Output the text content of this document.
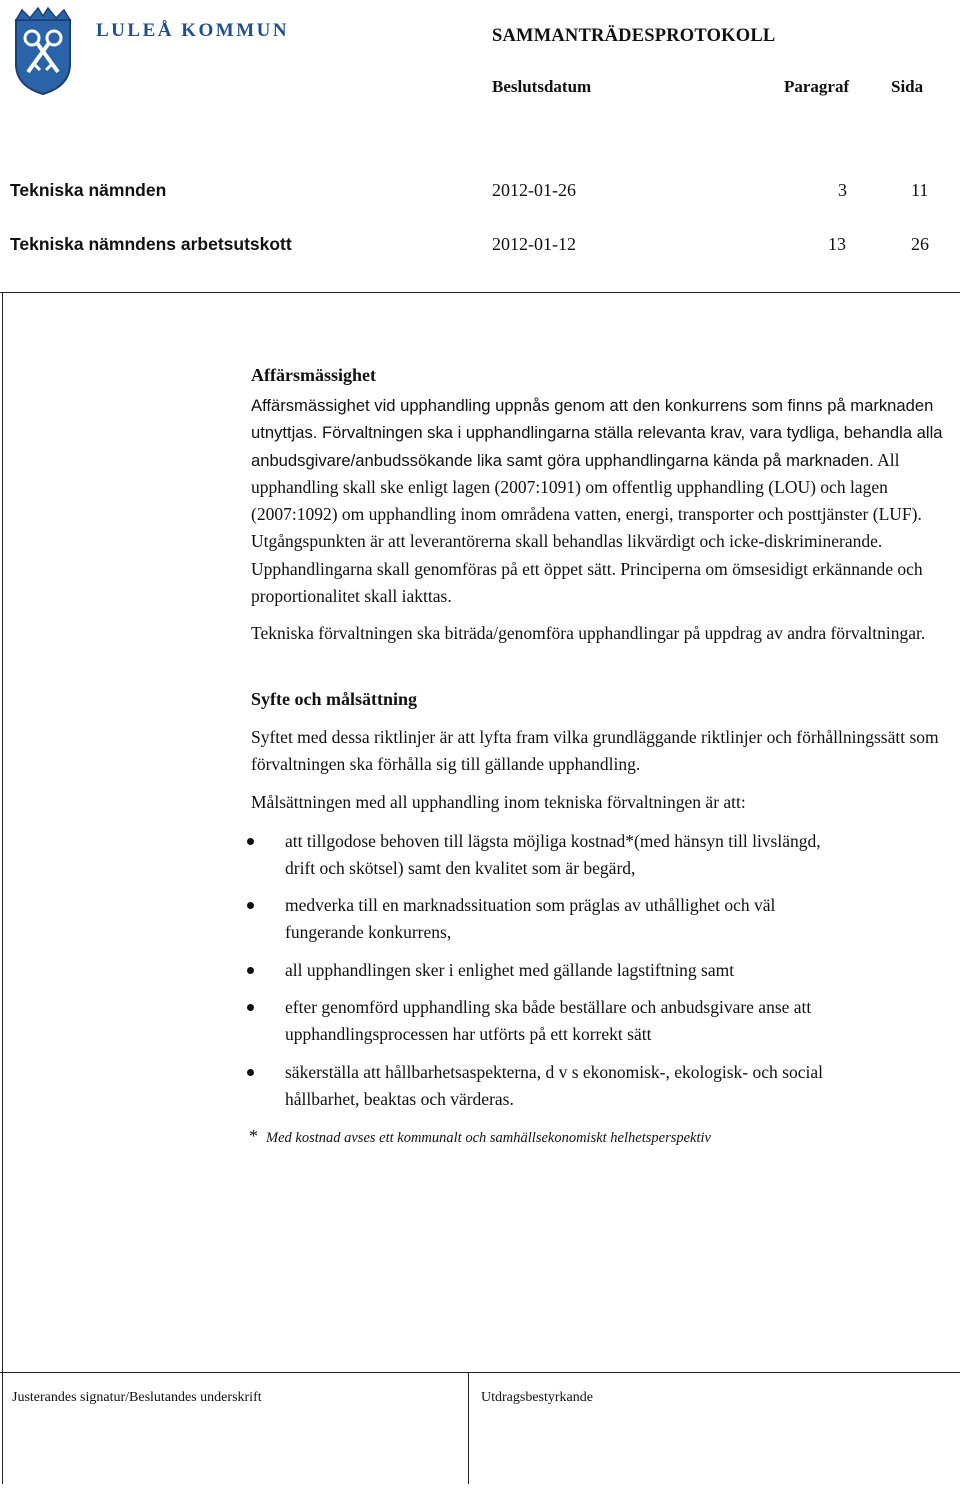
LULEÅ KOMMUN	SAMMANTRÄDESPROTOKOLL
Beslutsdatum	Paragraf Sida
Tekniska nämnden	2012-01-26	3	11
Tekniska nämndens arbetsutskott	2012-01-12	13	26
Affärsmässighet

Affärsmässighet vid upphandling uppnås genom att den konkurrens som finns på marknaden utnyttjas. Förvaltningen ska i upphandlingarna ställa relevanta krav, vara tydliga, behandla alla anbudsgivare/anbudssökande lika samt göra upphandlingarna kända på marknaden. All upphandling skall ske enligt lagen (2007:1091) om offentlig upphandling (LOU) och lagen (2007:1092) om upphandling inom områdena vatten, energi, transporter och posttjänster (LUF). Utgångspunkten är att leverantörerna skall behandlas likvärdigt och icke-diskriminerande. Upphandlingarna skall genomföras på ett öppet sätt. Principerna om ömsesidigt erkännande och proportionalitet skall iakttas.

Tekniska förvaltningen ska biträda/genomföra upphandlingar på uppdrag av andra förvaltningar.

Syfte och målsättning

Syftet med dessa riktlinjer är att lyfta fram vilka grundläggande riktlinjer och förhållningssätt som förvaltningen ska förhålla sig till gällande upphandling.

Målsättningen med all upphandling inom tekniska förvaltningen är att:

att tillgodose behoven till lägsta möjliga kostnad*(med hänsyn till livslängd, drift och skötsel) samt den kvalitet som är begärd,
medverka till en marknadssituation som präglas av uthållighet och väl fungerande konkurrens,
all upphandlingen sker i enlighet med gällande lagstiftning samt
efter genomförd upphandling ska både beställare och anbudsgivare anse att upphandlingsprocessen har utförts på ett korrekt sätt
säkerställa att hållbarhetsaspekterna, d v s ekonomisk-, ekologisk- och social hållbarhet, beaktas och värderas.

* Med kostnad avses ett kommunalt och samhällsekonomiskt helhetsperspektiv

Justerandes signatur/Beslutandes underskrift	Utdragsbestyrkande
